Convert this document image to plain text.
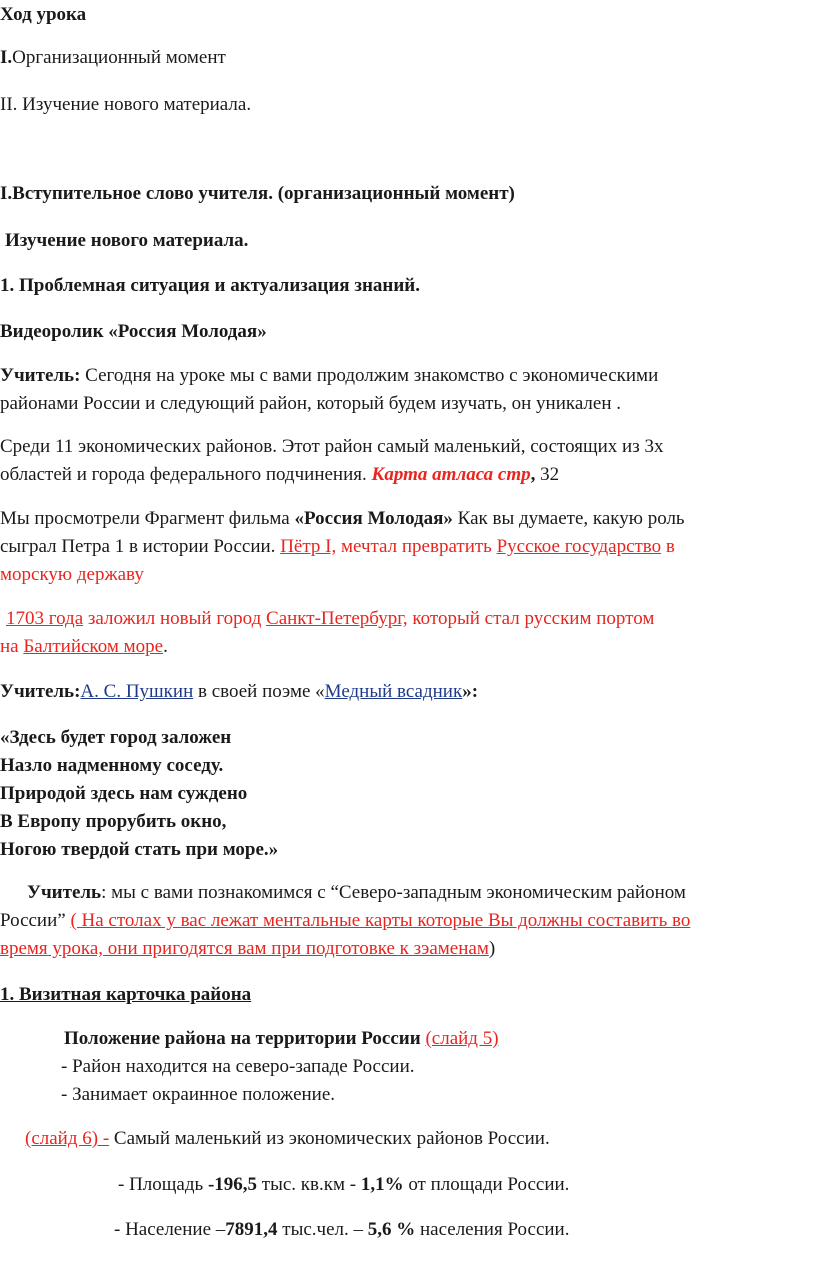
Ход урока
I.Организационный момент
II. Изучение нового материала.
I.Вступительное слово учителя. (организационный момент)
Изучение нового материала.
1. Проблемная ситуация и актуализация знаний.
Видеоролик «Россия Молодая»
Учитель: Сегодня на уроке мы с вами продолжим знакомство с экономическими
районами России и следующий район, который будем изучать, он уникален .
Среди 11 экономических районов. Этот район самый маленький, состоящих из 3х
областей и города федерального подчинения. Карта атласа стр, 32
Мы просмотрели Фрагмент фильма «Россия Молодая» Как вы думаете, какую роль
сыграл Петра 1 в истории России. Пётр I, мечтал превратить Русское государство в
морскую державу
1703 года заложил новый город Санкт-Петербург, который стал русским портом
на Балтийском море.
Учитель:А. С. Пушкин в своей поэме «Медный всадник»:
«Здесь будет город заложен
Назло надменному соседу.
Природой здесь нам суждено
В Европу прорубить окно,
Ногою твердой стать при море.»
Учитель: мы с вами познакомимся с “Северо-западным экономическим районом
России” ( На столах у вас лежат ментальные карты которые Вы должны составить во
время урока, они пригодятся вам при подготовке к зэаменам)
1. Визитная карточка района
Положение района на территории России (слайд 5)
- Район находится на северо-западе России.
- Занимает окраинное положение.
(слайд 6) - Самый маленький из экономических районов России.
- Площадь -196,5 тыс. кв.км - 1,1% от площади России.
- Население –7891,4 тыс.чел. – 5,6 % населения России.
